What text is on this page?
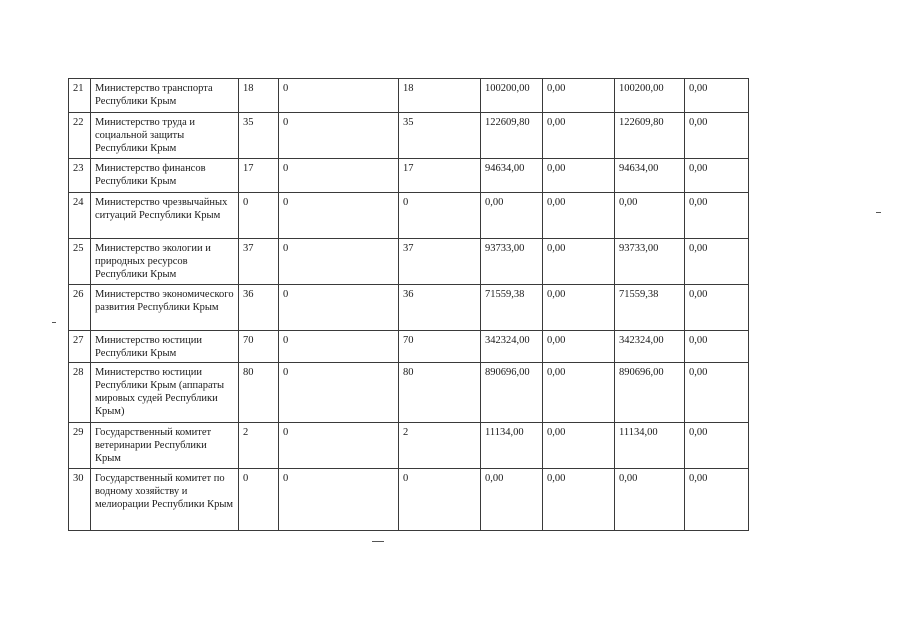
21	Министерство транспорта Республики Крым	18	0	18	100200,00	0,00	100200,00	0,00
22	Министерство труда и социальной защиты Республики Крым	35	0	35	122609,80	0,00	122609,80	0,00
23	Министерство финансов Республики Крым	17	0	17	94634,00	0,00	94634,00	0,00
24	Министерство чрезвычайных ситуаций Республики Крым	0	0	0	0,00	0,00	0,00	0,00
25	Министерство экологии и природных ресурсов Республики Крым	37	0	37	93733,00	0,00	93733,00	0,00
26	Министерство экономического развития Республики Крым	36	0	36	71559,38	0,00	71559,38	0,00
27	Министерство юстиции Республики Крым	70	0	70	342324,00	0,00	342324,00	0,00
28	Министерство юстиции Республики Крым (аппараты мировых судей Республики Крым)	80	0	80	890696,00	0,00	890696,00	0,00
29	Государственный комитет ветеринарии Республики Крым	2	0	2	11134,00	0,00	11134,00	0,00
30	Государственный комитет по водному хозяйству и мелиорации Республики Крым	0	0	0	0,00	0,00	0,00	0,00
